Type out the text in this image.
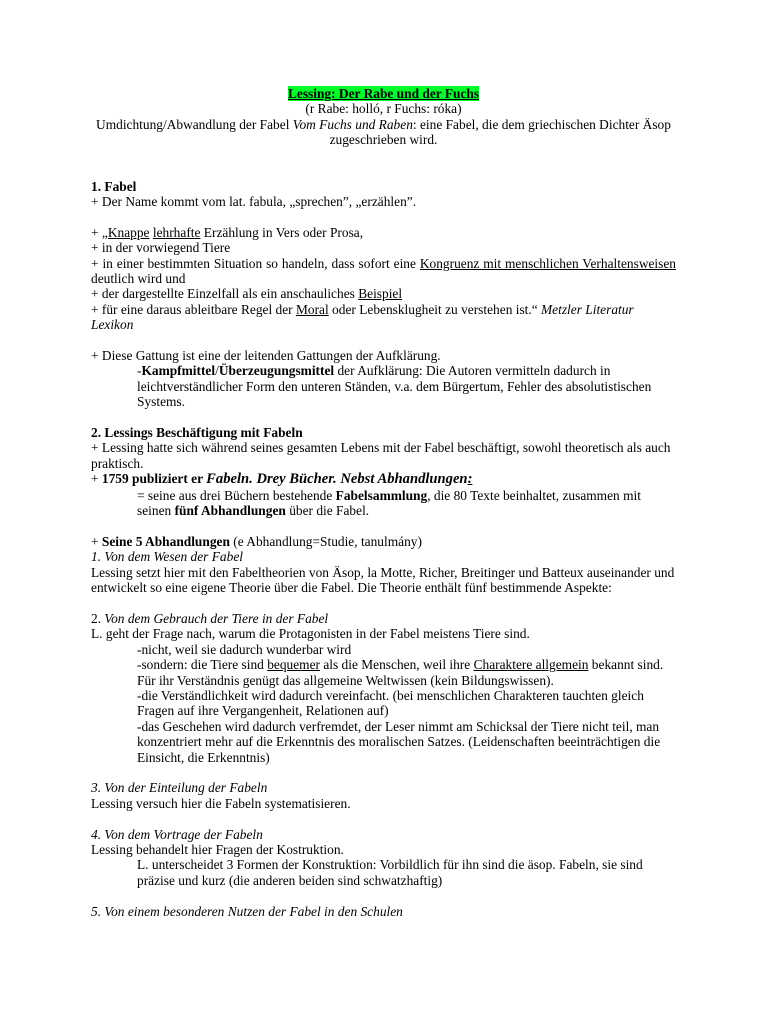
Lessing: Der Rabe und der Fuchs

(r Rabe: holló, r Fuchs: róka)

Umdichtung/Abwandlung der Fabel Vom Fuchs und Raben: eine Fabel, die dem griechischen Dichter Äsop zugeschrieben wird.

1. Fabel

+ Der Name kommt vom lat. fabula, „sprechen”, „erzählen”.

+ „Knappe lehrhafte Erzählung in Vers oder Prosa,

+ in der vorwiegend Tiere

+ in einer bestimmten Situation so handeln, dass sofort eine Kongruenz mit menschlichen Verhaltensweisen deutlich wird und

+ der dargestellte Einzelfall als ein anschauliches Beispiel

+ für eine daraus ableitbare Regel der Moral oder Lebensklugheit zu verstehen ist.“ Metzler Literatur Lexikon

+ Diese Gattung ist eine der leitenden Gattungen der Aufklärung.

-Kampfmittel/Überzeugungsmittel der Aufklärung: Die Autoren vermitteln dadurch in leichtverständlicher Form den unteren Ständen, v.a. dem Bürgertum, Fehler des absolutistischen Systems.

2. Lessings Beschäftigung mit Fabeln

+ Lessing hatte sich während seines gesamten Lebens mit der Fabel beschäftigt, sowohl theoretisch als auch praktisch.

+ 1759 publiziert er Fabeln. Drey Bücher. Nebst Abhandlungen:

= seine aus drei Büchern bestehende Fabelsammlung, die 80 Texte beinhaltet, zusammen mit seinen fünf Abhandlungen über die Fabel.

+ Seine 5 Abhandlungen (e Abhandlung=Studie, tanulmány)

1. Von dem Wesen der Fabel

Lessing setzt hier mit den Fabeltheorien von Äsop, la Motte, Richer, Breitinger und Batteux auseinander und entwickelt so eine eigene Theorie über die Fabel. Die Theorie enthält fünf bestimmende Aspekte:

2. Von dem Gebrauch der Tiere in der Fabel

L. geht der Frage nach, warum die Protagonisten in der Fabel meistens Tiere sind.

-nicht, weil sie dadurch wunderbar wird

-sondern: die Tiere sind bequemer als die Menschen, weil ihre Charaktere allgemein bekannt sind. Für ihr Verständnis genügt das allgemeine Weltwissen (kein Bildungswissen).

-die Verständlichkeit wird dadurch vereinfacht. (bei menschlichen Charakteren tauchten gleich Fragen auf ihre Vergangenheit, Relationen auf)

-das Geschehen wird dadurch verfremdet, der Leser nimmt am Schicksal der Tiere nicht teil, man konzentriert mehr auf die Erkenntnis des moralischen Satzes. (Leidenschaften beeinträchtigen die Einsicht, die Erkenntnis)

3. Von der Einteilung der Fabeln

Lessing versuch hier die Fabeln systematisieren.

4. Von dem Vortrage der Fabeln

Lessing behandelt hier Fragen der Kostruktion.

L. unterscheidet 3 Formen der Konstruktion: Vorbildlich für ihn sind die äsop. Fabeln, sie sind präzise und kurz (die anderen beiden sind schwatzhaftig)

5. Von einem besonderen Nutzen der Fabel in den Schulen
